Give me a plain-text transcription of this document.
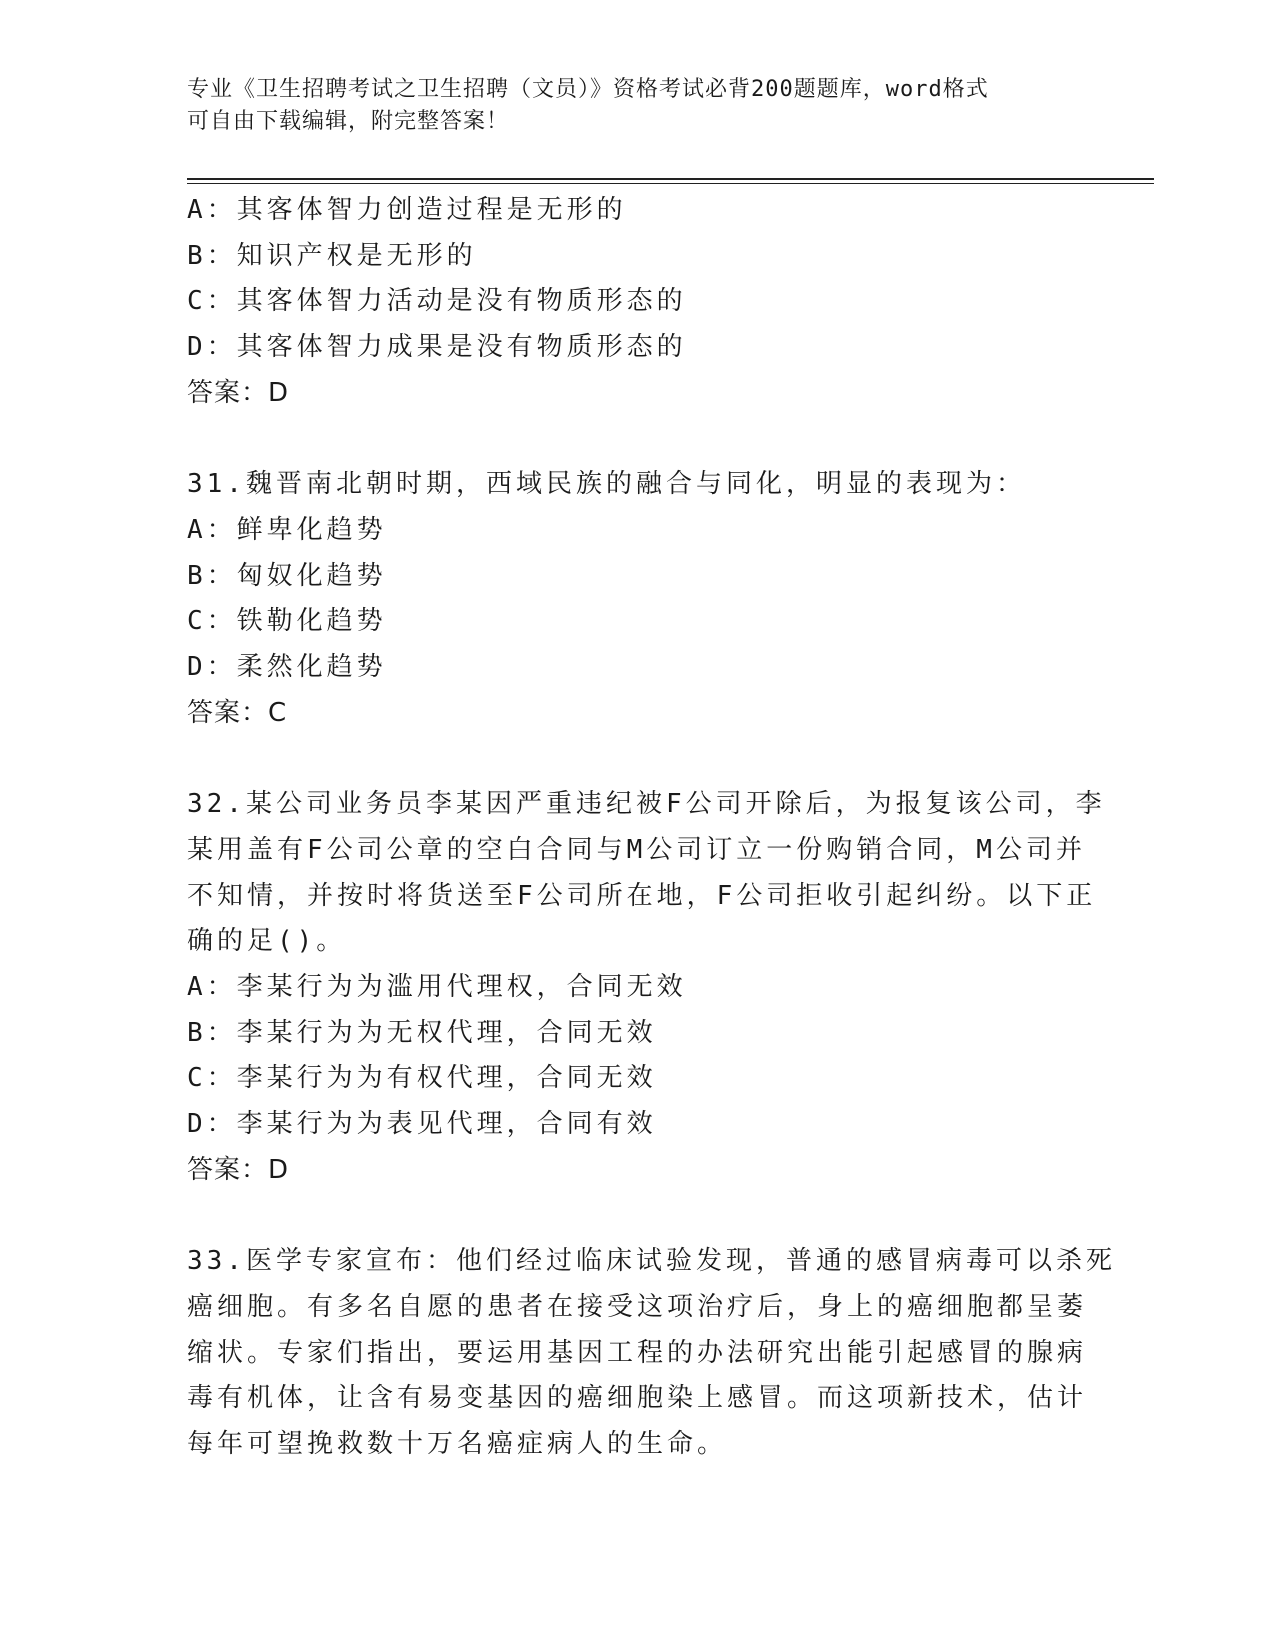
专业《卫生招聘考试之卫生招聘（文员）》资格考试必背200题题库，word格式
可自由下载编辑，附完整答案！
A：其客体智力创造过程是无形的
B：知识产权是无形的
C：其客体智力活动是没有物质形态的
D：其客体智力成果是没有物质形态的
答案：D
31.魏晋南北朝时期，西域民族的融合与同化，明显的表现为：
A：鲜卑化趋势
B：匈奴化趋势
C：铁勒化趋势
D：柔然化趋势
答案：C
32.某公司业务员李某因严重违纪被F公司开除后，为报复该公司，李
某用盖有F公司公章的空白合同与M公司订立一份购销合同，M公司并
不知情，并按时将货送至F公司所在地，F公司拒收引起纠纷。以下正
确的足()。
A：李某行为为滥用代理权，合同无效
B：李某行为为无权代理，合同无效
C：李某行为为有权代理，合同无效
D：李某行为为表见代理，合同有效
答案：D
33.医学专家宣布：他们经过临床试验发现，普通的感冒病毒可以杀死
癌细胞。有多名自愿的患者在接受这项治疗后，身上的癌细胞都呈萎
缩状。专家们指出，要运用基因工程的办法研究出能引起感冒的腺病
毒有机体，让含有易变基因的癌细胞染上感冒。而这项新技术，估计
每年可望挽救数十万名癌症病人的生命。
